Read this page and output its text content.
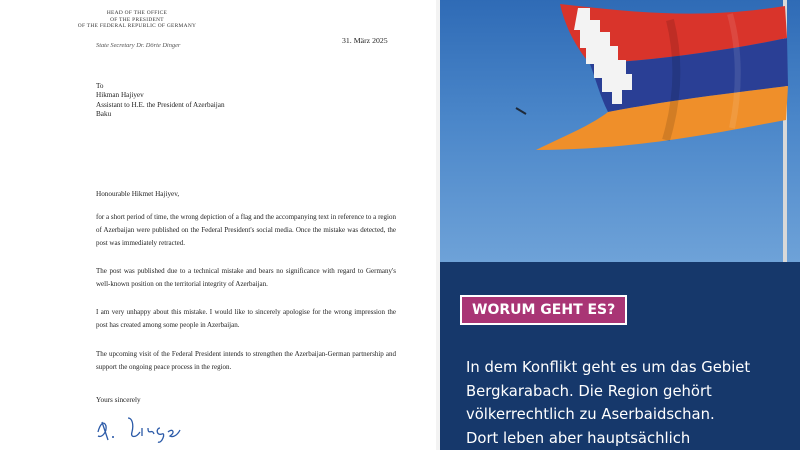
HEAD OF THE OFFICE
OF THE PRESIDENT
OF THE FEDERAL REPUBLIC OF GERMANY
State Secretary Dr. Dörte Dinger
31. März 2025
To
Hikman Hajiyev
Assistant to H.E. the President of Azerbaijan
Baku
Honourable Hikmet Hajiyev,
for a short period of time, the wrong depiction of a flag and the accompanying text in reference to a region of Azerbaijan were published on the Federal President's social media. Once the mistake was detected, the post was immediately retracted.
The post was published due to a technical mistake and bears no significance with regard to Germany's well-known position on the territorial integrity of Azerbaijan.
I am very unhappy about this mistake. I would like to sincerely apologise for the wrong impression the post has created among some people in Azerbaijan.
The upcoming visit of the Federal President intends to strengthen the Azerbaijan-German partnership and support the ongoing peace process in the region.
Yours sincerely
WORUM GEHT ES?
In dem Konflikt geht es um das Gebiet
Bergkarabach. Die Region gehört
völkerrechtlich zu Aserbaidschan.
Dort leben aber hauptsächlich
